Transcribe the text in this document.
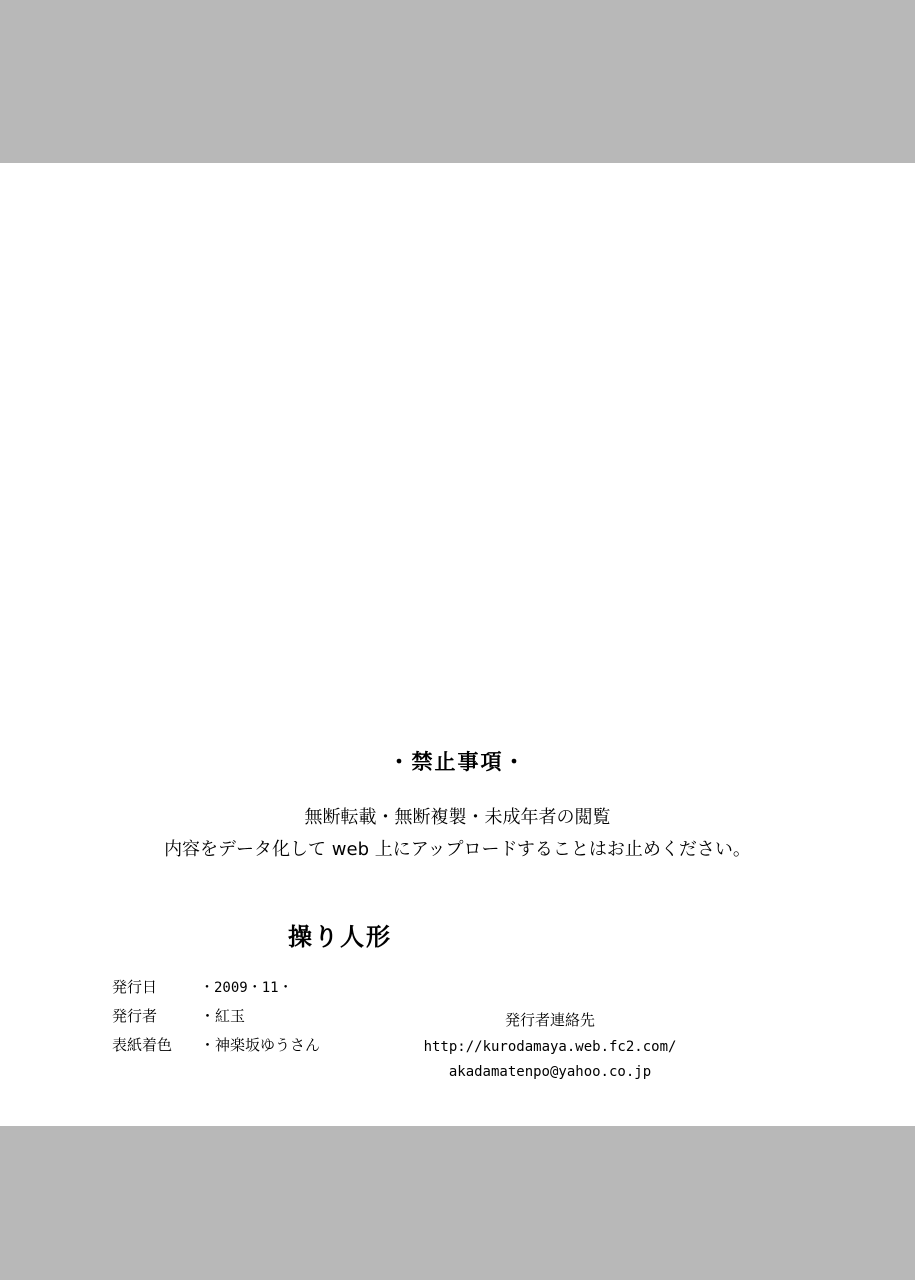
・禁止事項・
無断転載・無断複製・未成年者の閲覧
内容をデータ化して web 上にアップロードすることはお止めください。
操り人形
発行日	・2009・11・
発行者	・紅玉
表紙着色	・神楽坂ゆうさん
発行者連絡先
http://kurodamaya.web.fc2.com/
akadamatenpo@yahoo.co.jp
